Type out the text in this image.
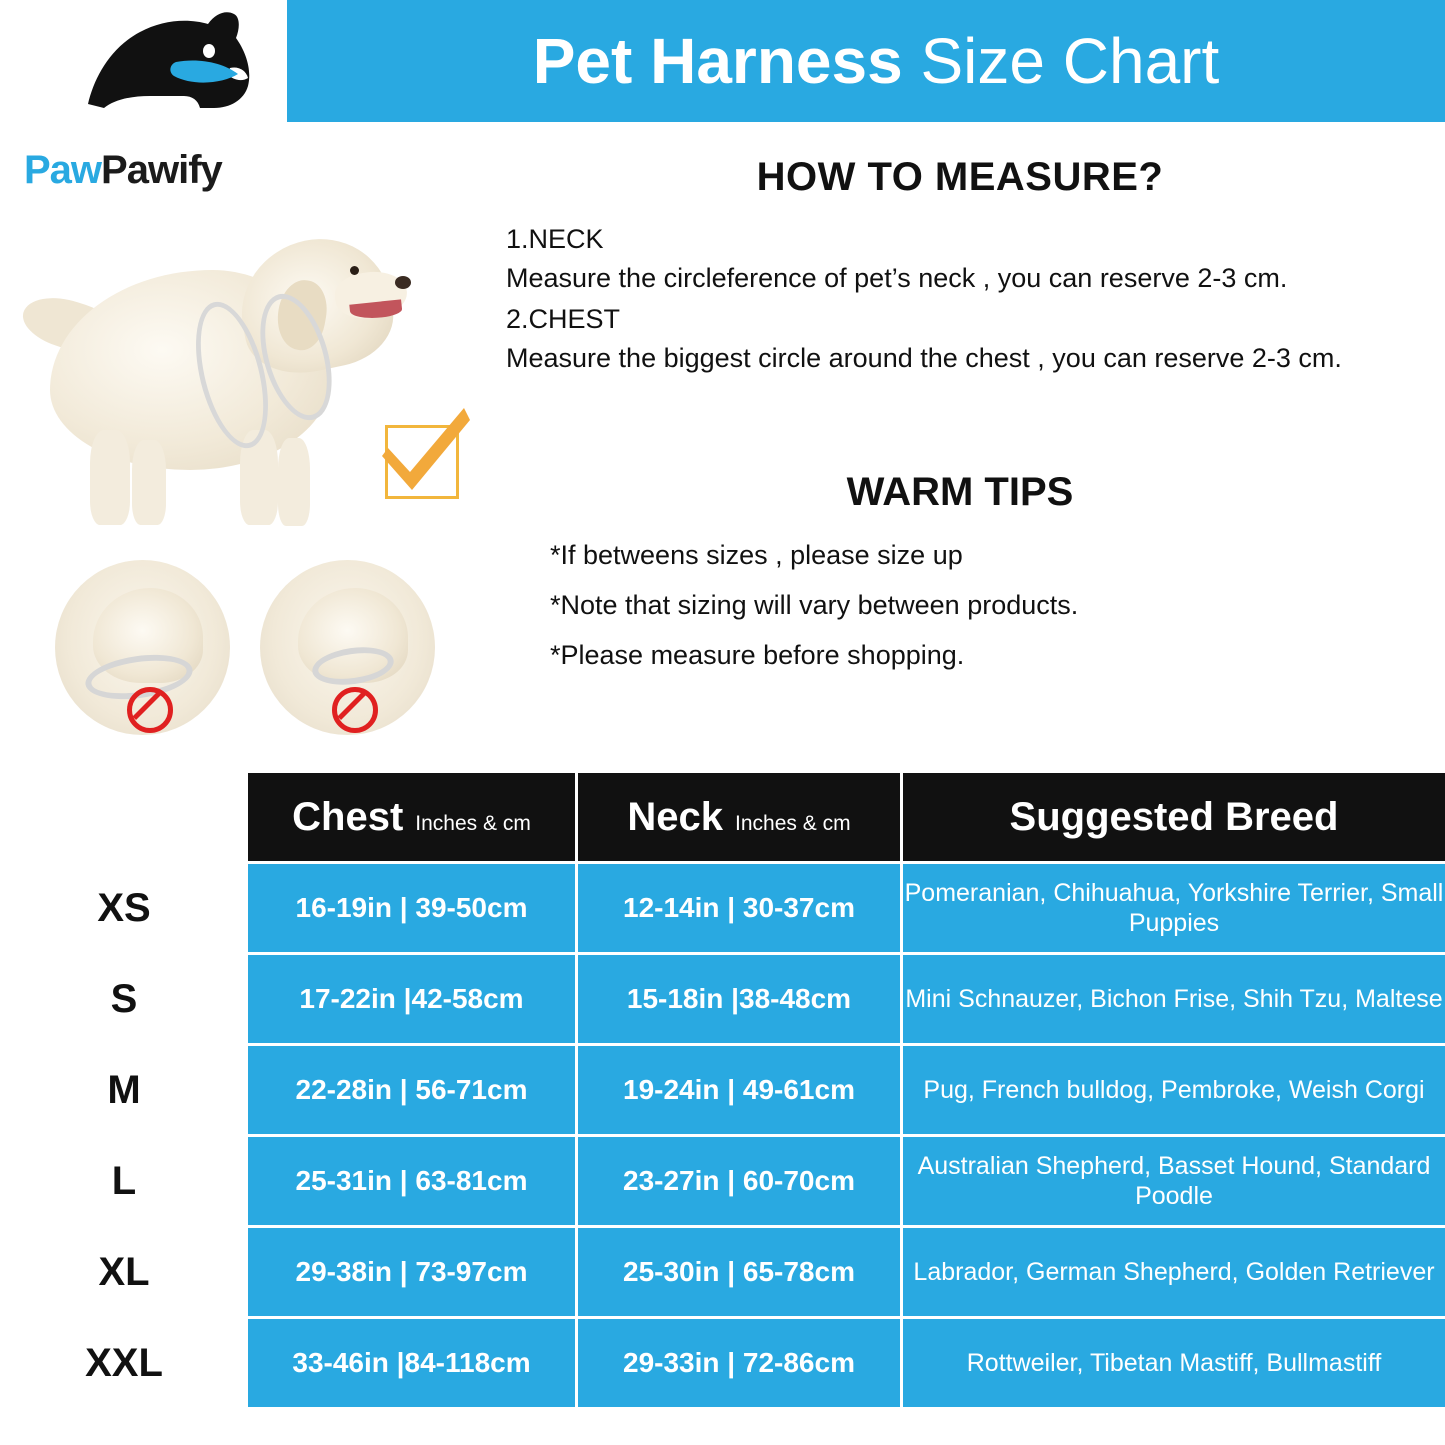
Pet Harness Size Chart
PawPawify	HOW TO MEASURE?

1.NECK

Measure the circleference of pet’s neck , you can reserve 2-3 cm.

2.CHEST

Measure the biggest circle around the chest , you can reserve 2-3 cm.

WARM TIPS

*If betweens sizes , please size up

*Note that sizing will vary between products.

*Please measure before shopping.

	Chest Inches & cm	Neck Inches & cm	Suggested Breed
XS	16-19in | 39-50cm	12-14in | 30-37cm	Pomeranian, Chihuahua, Yorkshire Terrier, Small Puppies
S	17-22in |42-58cm	15-18in |38-48cm	Mini Schnauzer, Bichon Frise, Shih Tzu, Maltese
M	22-28in | 56-71cm	19-24in | 49-61cm	Pug, French bulldog, Pembroke, Weish Corgi
L	25-31in | 63-81cm	23-27in | 60-70cm	Australian Shepherd, Basset Hound, Standard Poodle
XL	29-38in | 73-97cm	25-30in | 65-78cm	Labrador, German Shepherd, Golden Retriever
XXL	33-46in |84-118cm	29-33in | 72-86cm	Rottweiler, Tibetan Mastiff, Bullmastiff
